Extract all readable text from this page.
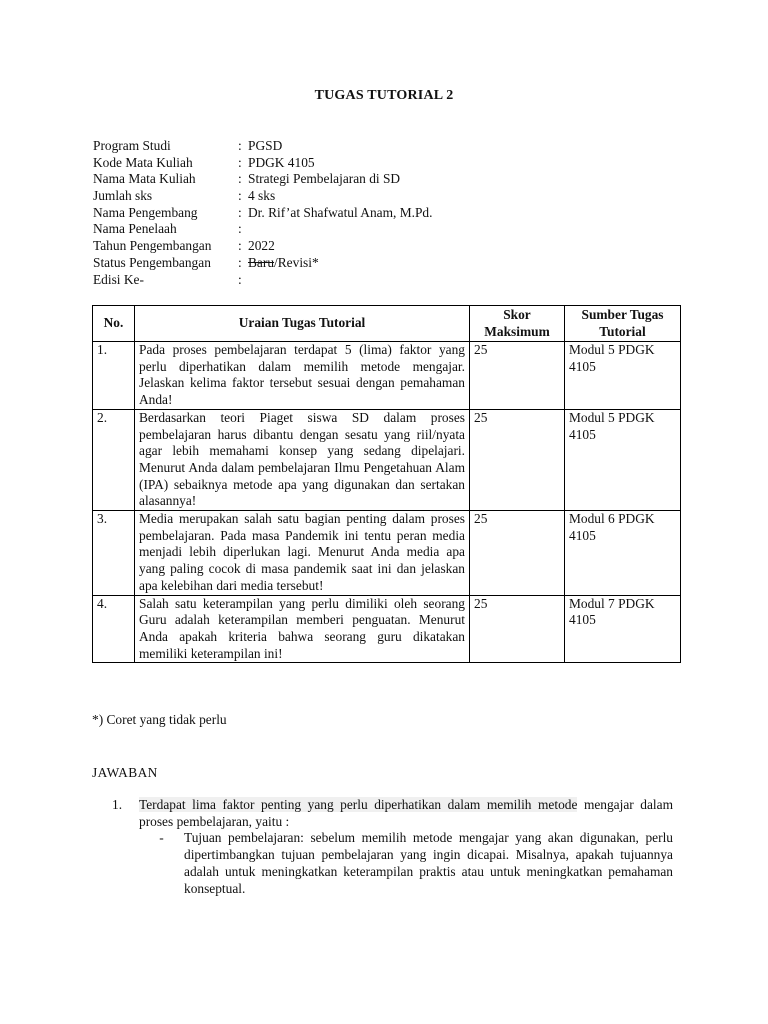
TUGAS TUTORIAL 2
Program Studi	: PGSD
Kode Mata Kuliah	: PDGK 4105
Nama Mata Kuliah	: Strategi Pembelajaran di SD
Jumlah sks	: 4 sks
Nama Pengembang	: Dr. Rif’at Shafwatul Anam, M.Pd.
Nama Penelaah	:
Tahun Pengembangan	: 2022
Status Pengembangan	: Baru/Revisi*
Edisi Ke-	:
No.	Uraian Tugas Tutorial	Skor Maksimum	Sumber Tugas Tutorial
1.	Pada proses pembelajaran terdapat 5 (lima) faktor yang perlu diperhatikan dalam memilih metode mengajar. Jelaskan kelima faktor tersebut sesuai dengan pemahaman Anda!	25	Modul 5 PDGK 4105
2.	Berdasarkan teori Piaget siswa SD dalam proses pembelajaran harus dibantu dengan sesatu yang riil/nyata agar lebih memahami konsep yang sedang dipelajari. Menurut Anda dalam pembelajaran Ilmu Pengetahuan Alam (IPA) sebaiknya metode apa yang digunakan dan sertakan alasannya!	25	Modul 5 PDGK 4105
3.	Media merupakan salah satu bagian penting dalam proses pembelajaran. Pada masa Pandemik ini tentu peran media menjadi lebih diperlukan lagi. Menurut Anda media apa yang paling cocok di masa pandemik saat ini dan jelaskan apa kelebihan dari media tersebut!	25	Modul 6 PDGK 4105
4.	Salah satu keterampilan yang perlu dimiliki oleh seorang Guru adalah keterampilan memberi penguatan. Menurut Anda apakah kriteria bahwa seorang guru dikatakan memiliki keterampilan ini!	25	Modul 7 PDGK 4105
*) Coret yang tidak perlu
JAWABAN
1.	Terdapat lima faktor penting yang perlu diperhatikan dalam memilih metode mengajar dalam proses pembelajaran, yaitu :
-	Tujuan pembelajaran: sebelum memilih metode mengajar yang akan digunakan, perlu dipertimbangkan tujuan pembelajaran yang ingin dicapai. Misalnya, apakah tujuannya adalah untuk meningkatkan keterampilan praktis atau untuk meningkatkan pemahaman konseptual.
